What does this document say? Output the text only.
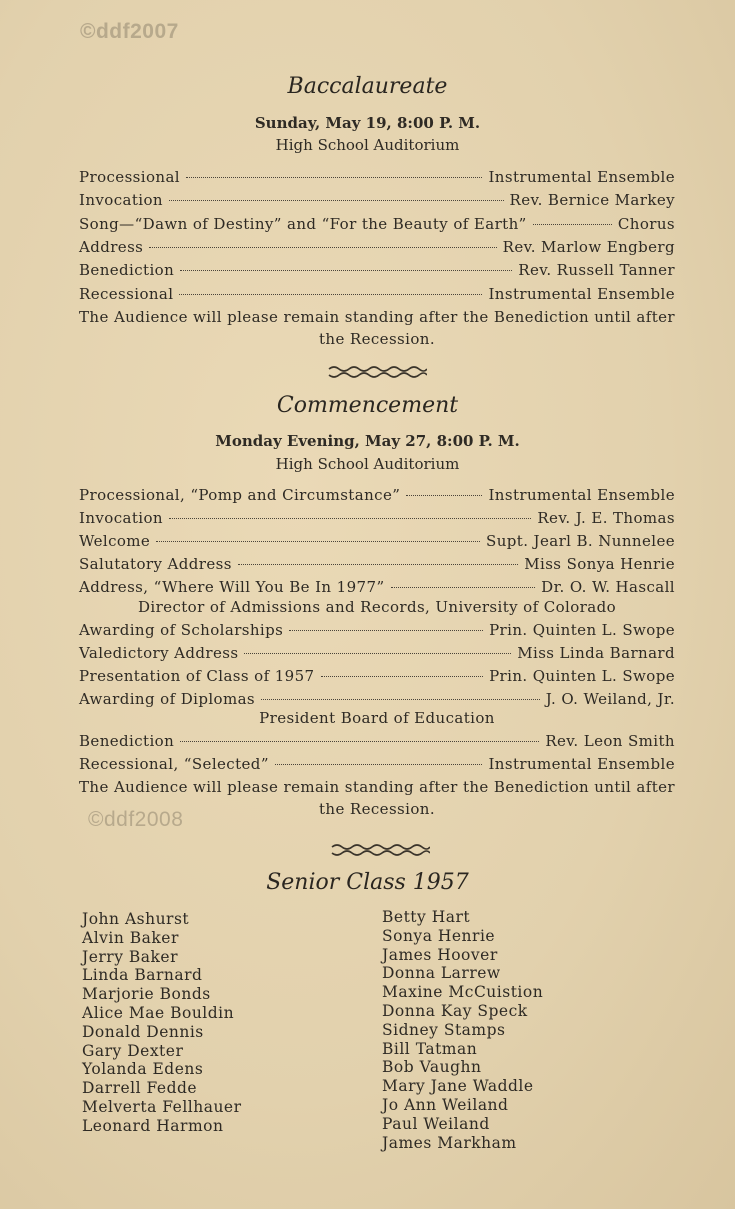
©ddf2007
©ddf2008
Baccalaureate
Sunday, May 19, 8:00 P. M.
High School Auditorium
Processional	Instrumental Ensemble
Invocation	Rev. Bernice Markey
Song—“Dawn of Destiny” and “For the Beauty of Earth”	Chorus
Address	Rev. Marlow Engberg
Benediction	Rev. Russell Tanner
Recessional	Instrumental Ensemble
The Audience will please remain standing after the Benediction until after the Recession.
Commencement
Monday Evening, May 27, 8:00 P. M.
High School Auditorium
Processional, “Pomp and Circumstance”	Instrumental Ensemble
Invocation	Rev. J. E. Thomas
Welcome	Supt. Jearl B. Nunnelee
Salutatory Address	Miss Sonya Henrie
Address, “Where Will You Be In 1977”	Dr. O. W. Hascall
Director of Admissions and Records, University of Colorado
Awarding of Scholarships	Prin. Quinten L. Swope
Valedictory Address	Miss Linda Barnard
Presentation of Class of 1957	Prin. Quinten L. Swope
Awarding of Diplomas	J. O. Weiland, Jr.
President Board of Education
Benediction	Rev. Leon Smith
Recessional, “Selected”	Instrumental Ensemble
The Audience will please remain standing after the Benediction until after the Recession.
Senior Class 1957
John Ashurst
Alvin Baker
Jerry Baker
Linda Barnard
Marjorie Bonds
Alice Mae Bouldin
Donald Dennis
Gary Dexter
Yolanda Edens
Darrell Fedde
Melverta Fellhauer
Leonard Harmon
Betty Hart
Sonya Henrie
James Hoover
Donna Larrew
Maxine McCuistion
Donna Kay Speck
Sidney Stamps
Bill Tatman
Bob Vaughn
Mary Jane Waddle
Jo Ann Weiland
Paul Weiland
James Markham
